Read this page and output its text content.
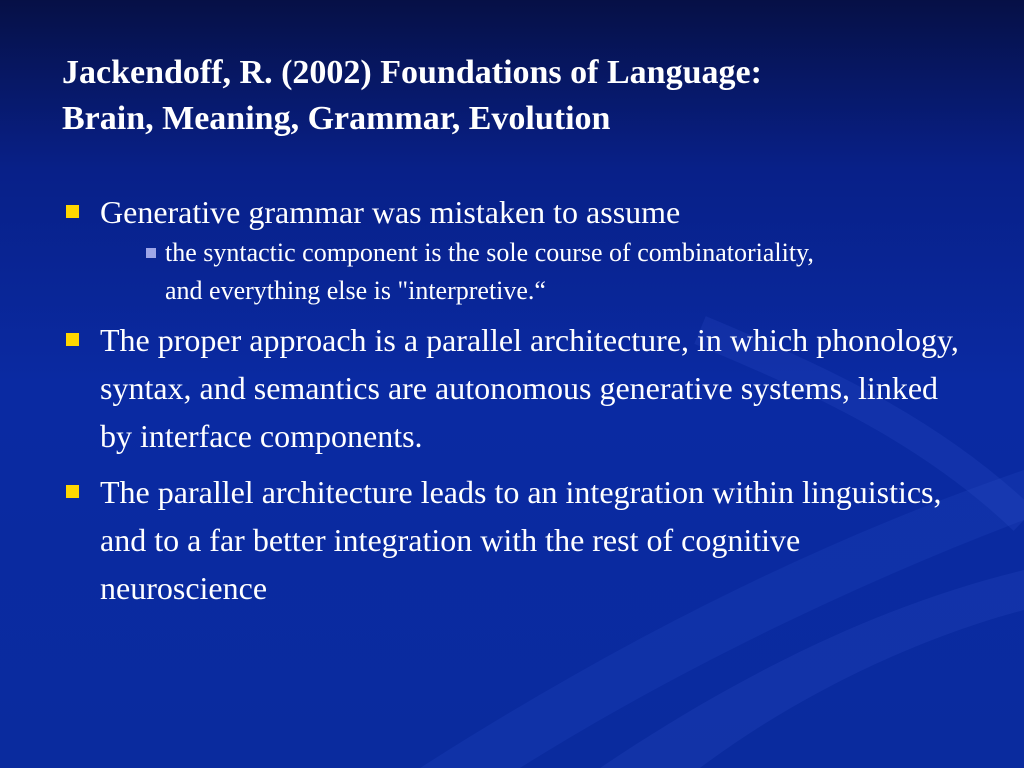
Jackendoff, R. (2002) Foundations of Language:
Brain, Meaning, Grammar, Evolution
Generative grammar was mistaken to assume
the syntactic component is the sole course of combinatoriality, and everything else is "interpretive.“
The proper approach is a parallel architecture, in which phonology, syntax, and semantics are autonomous generative systems, linked by interface components.
The parallel architecture leads to an integration within linguistics, and to a far better integration with the rest of cognitive neuroscience
